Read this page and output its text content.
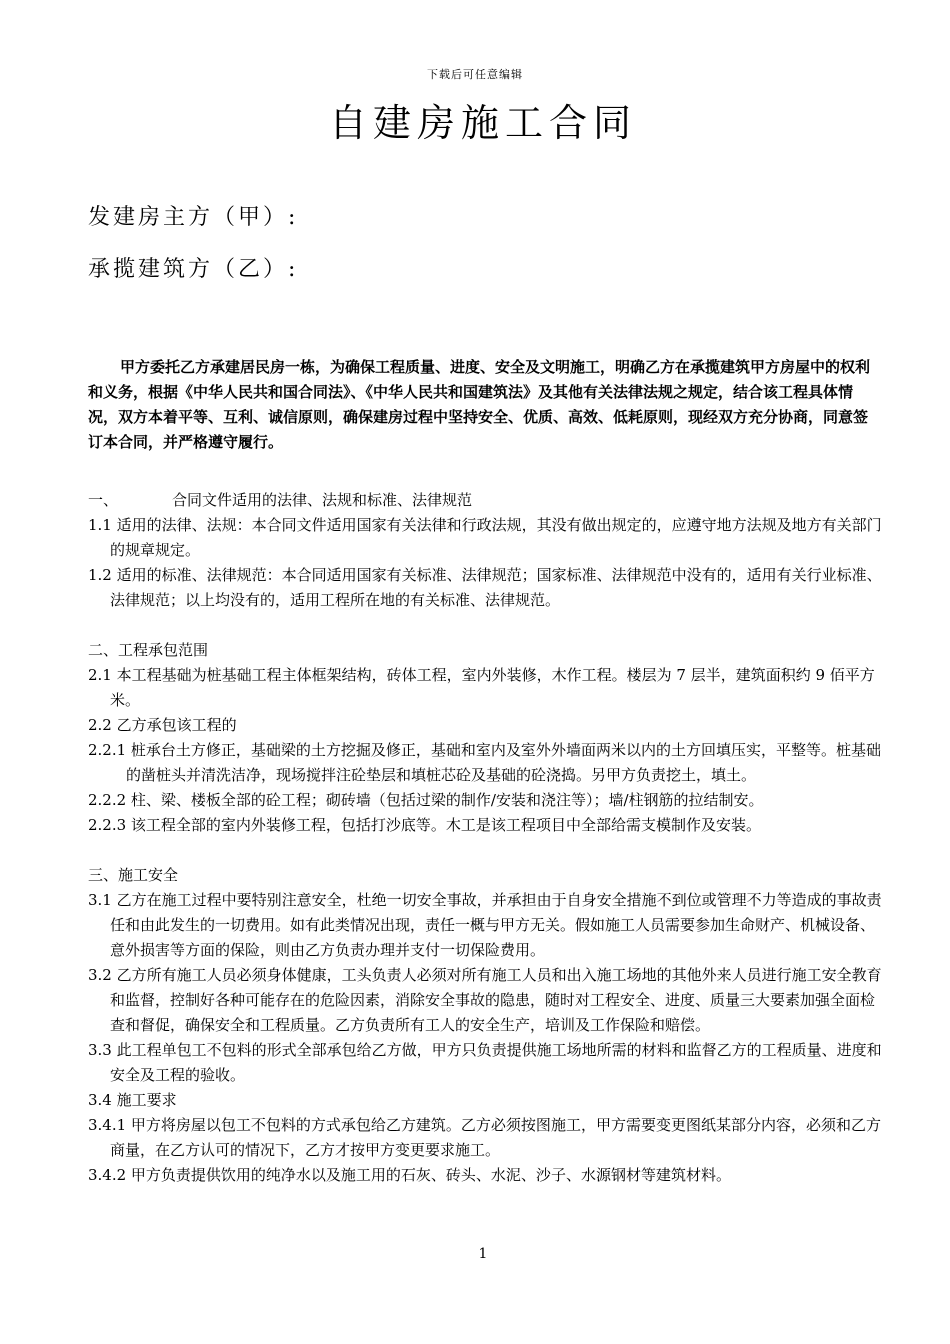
下载后可任意编辑
自建房施工合同
发建房主方（甲）:
承揽建筑方（乙）:

甲方委托乙方承建居民房一栋，为确保工程质量、进度、安全及文明施工，明确乙方在承揽建筑甲方房屋中的权利和义务，根据《中华人民共和国合同法》、《中华人民共和国建筑法》及其他有关法律法规之规定，结合该工程具体情况，双方本着平等、互利、诚信原则，确保建房过程中坚持安全、优质、高效、低耗原则，现经双方充分协商，同意签订本合同，并严格遵守履行。

一、	合同文件适用的法律、法规和标准、法律规范

1.1 适用的法律、法规：本合同文件适用国家有关法律和行政法规，其没有做出规定的，应遵守地方法规及地方有关部门的规章规定。

1.2 适用的标准、法律规范：本合同适用国家有关标准、法律规范；国家标准、法律规范中没有的，适用有关行业标准、法律规范；以上均没有的，适用工程所在地的有关标准、法律规范。

二、工程承包范围

2.1 本工程基础为桩基础工程主体框架结构，砖体工程，室内外装修，木作工程。楼层为 7 层半，建筑面积约 9 佰平方米。

2.2 乙方承包该工程的

2.2.1 桩承台土方修正，基础梁的土方挖掘及修正，基础和室内及室外外墙面两米以内的土方回填压实，平整等。桩基础的凿桩头并清洗洁净，现场搅拌注砼垫层和填桩芯砼及基础的砼浇捣。另甲方负责挖土，填土。

2.2.2 柱、梁、楼板全部的砼工程；砌砖墙（包括过梁的制作/安装和浇注等）；墙/柱钢筋的拉结制安。

2.2.3 该工程全部的室内外装修工程，包括打沙底等。木工是该工程项目中全部给需支模制作及安装。

三、施工安全

3.1 乙方在施工过程中要特别注意安全，杜绝一切安全事故，并承担由于自身安全措施不到位或管理不力等造成的事故责任和由此发生的一切费用。如有此类情况出现，责任一概与甲方无关。假如施工人员需要参加生命财产、机械设备、意外损害等方面的保险，则由乙方负责办理并支付一切保险费用。

3.2 乙方所有施工人员必须身体健康，工头负责人必须对所有施工人员和出入施工场地的其他外来人员进行施工安全教育和监督，控制好各种可能存在的危险因素，消除安全事故的隐患，随时对工程安全、进度、质量三大要素加强全面检查和督促，确保安全和工程质量。乙方负责所有工人的安全生产，培训及工作保险和赔偿。

3.3 此工程单包工不包料的形式全部承包给乙方做，甲方只负责提供施工场地所需的材料和监督乙方的工程质量、进度和安全及工程的验收。

3.4 施工要求

3.4.1 甲方将房屋以包工不包料的方式承包给乙方建筑。乙方必须按图施工，甲方需要变更图纸某部分内容，必须和乙方商量，在乙方认可的情况下，乙方才按甲方变更要求施工。

3.4.2 甲方负责提供饮用的纯净水以及施工用的石灰、砖头、水泥、沙子、水源钢材等建筑材料。

1
